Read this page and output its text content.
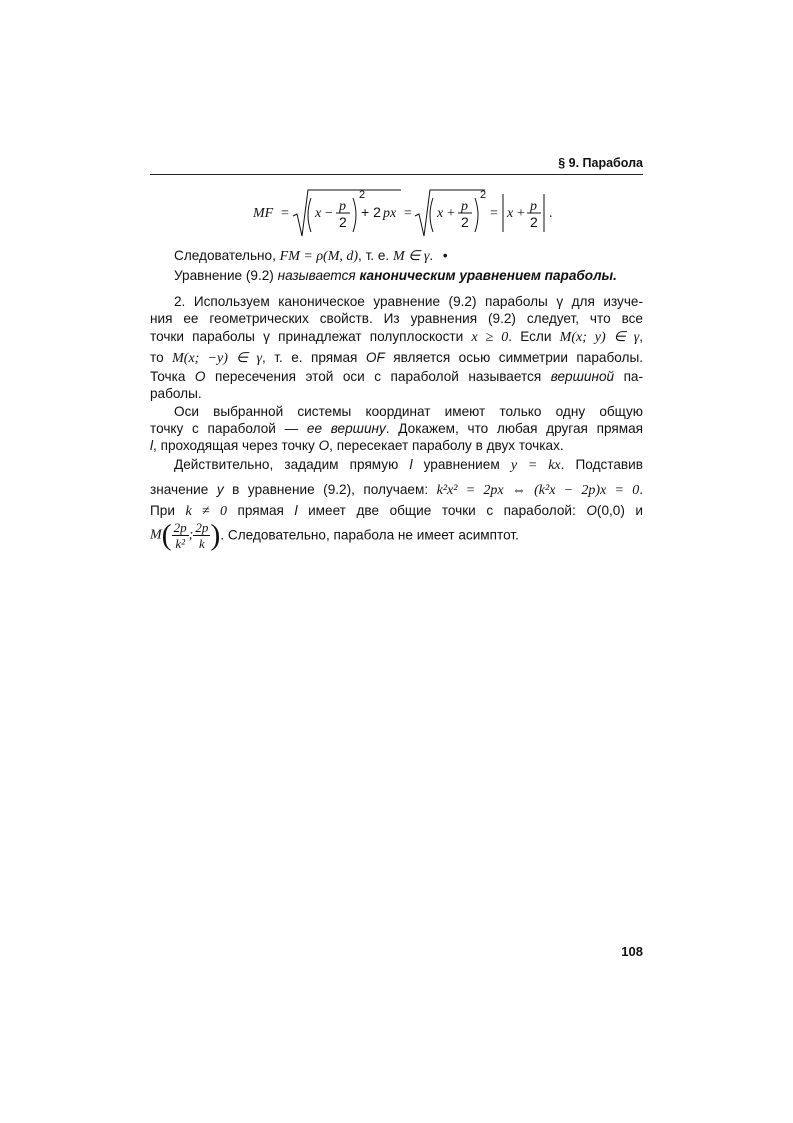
§ 9. Парабола
MF = x − p
2
2
+ 2 px = x + p
2
2
= x + p
2
.
Следовательно, FM = ρ(M, d), т. е. M ∈ γ. •
Уравнение (9.2) называется каноническим уравнением параболы.
2. Используем каноническое уравнение (9.2) параболы γ для изуче-
ния ее геометрических свойств. Из уравнения (9.2) следует, что все
точки параболы γ принадлежат полуплоскости x ≥ 0. Если M(x; y) ∈ γ,
то M(x; −y) ∈ γ, т. е. прямая OF является осью симметрии параболы.
Точка O пересечения этой оси с параболой называется вершиной па-
раболы.
Оси выбранной системы координат имеют только одну общую
точку с параболой — ее вершину. Докажем, что любая другая прямая
l, проходящая через точку O, пересекает параболу в двух точках.
Действительно, зададим прямую l уравнением y = kx. Подставив
значение y в уравнение (9.2), получаем: k²x² = 2px ⇔ (k²x − 2p)x = 0.
При k ≠ 0 прямая l имеет две общие точки с параболой: O(0,0) и
$M( \frac{2p}{\text{k²}}$ ; $\frac{2p}{k}$ ). Следовательно, парабола не имеет асимптот.
108
